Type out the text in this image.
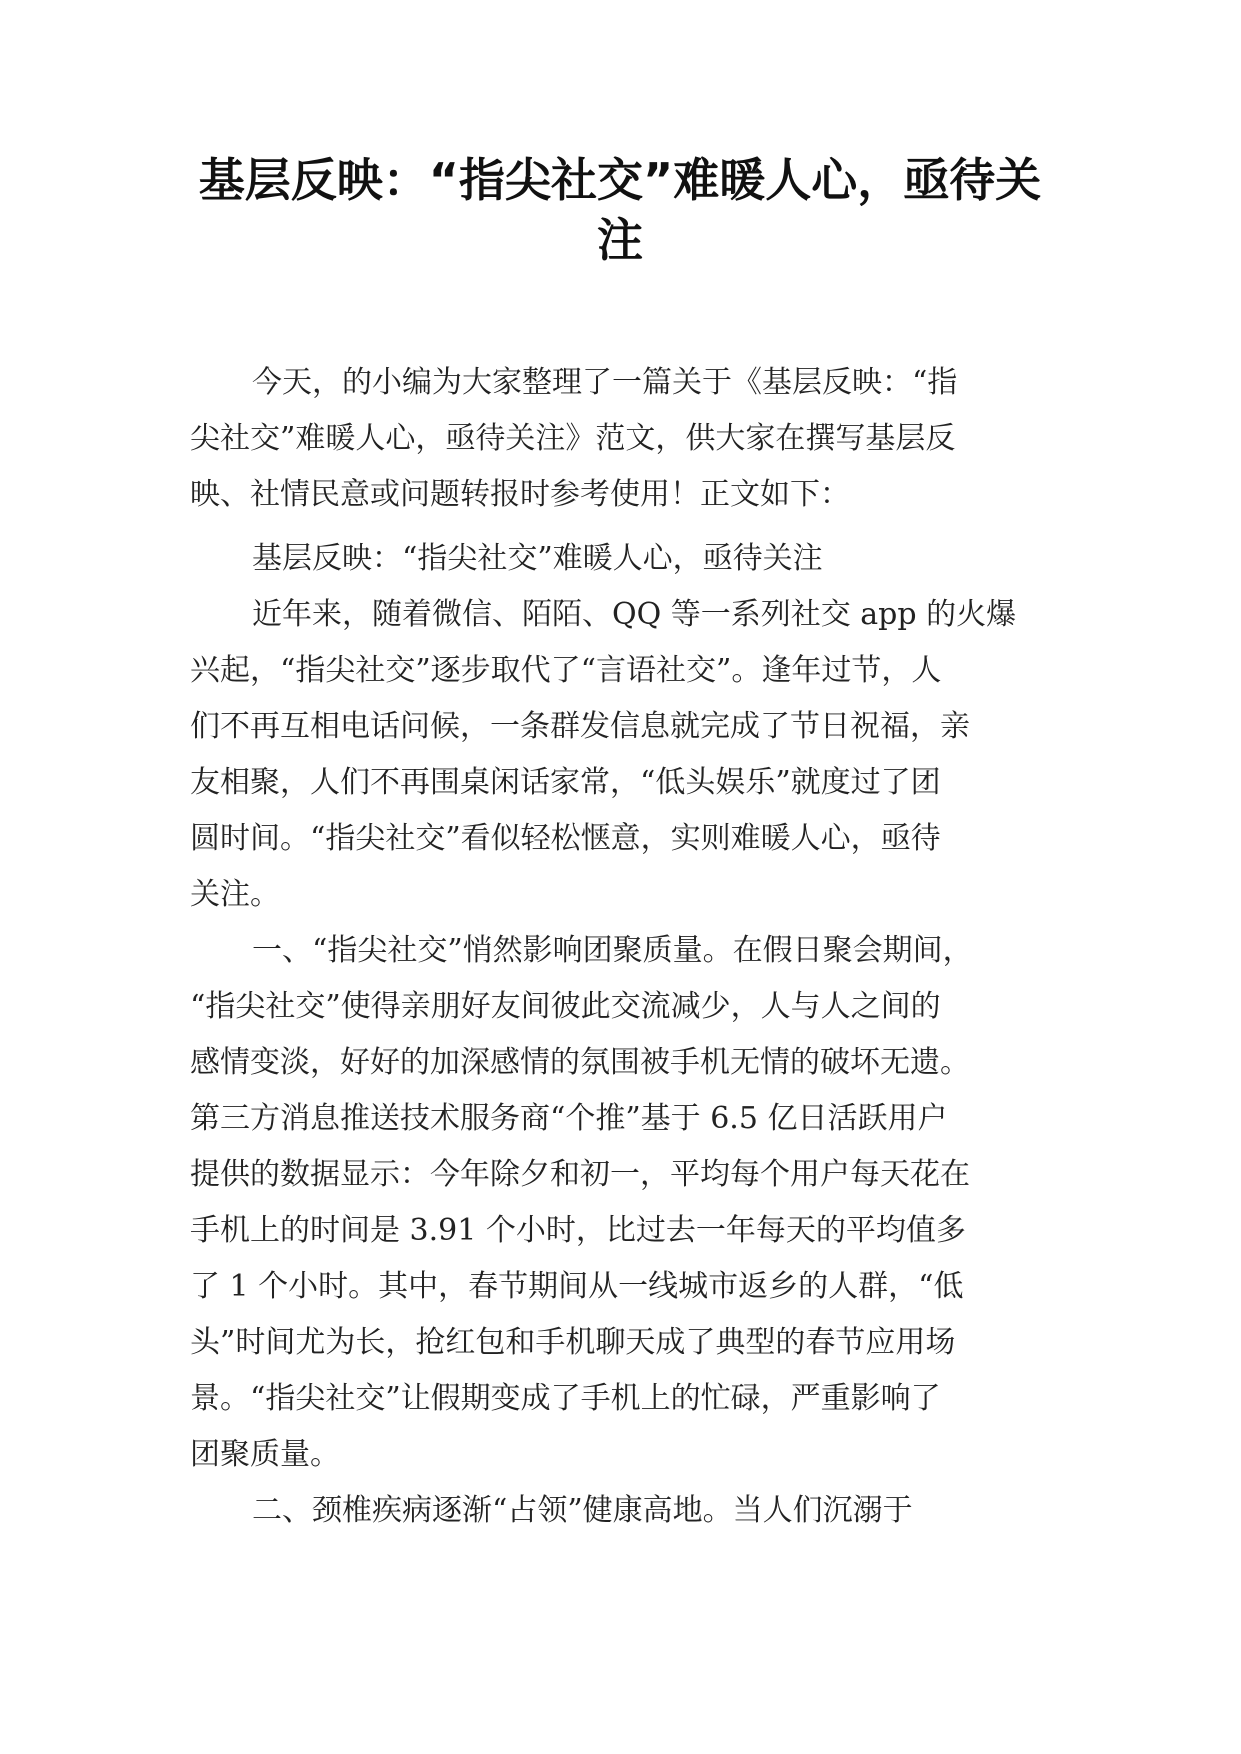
基层反映：“指尖社交”难暖人心，亟待关
注
今天，的小编为大家整理了一篇关于《基层反映：“指
尖社交”难暖人心，亟待关注》范文，供大家在撰写基层反
映、社情民意或问题转报时参考使用！正文如下：
基层反映：“指尖社交”难暖人心，亟待关注
近年来，随着微信、陌陌、QQ 等一系列社交 app 的火爆
兴起，“指尖社交”逐步取代了“言语社交”。逢年过节，人
们不再互相电话问候，一条群发信息就完成了节日祝福，亲
友相聚，人们不再围桌闲话家常，“低头娱乐”就度过了团
圆时间。“指尖社交”看似轻松惬意，实则难暖人心，亟待
关注。
一、“指尖社交”悄然影响团聚质量。在假日聚会期间，
“指尖社交”使得亲朋好友间彼此交流减少，人与人之间的
感情变淡，好好的加深感情的氛围被手机无情的破坏无遗。
第三方消息推送技术服务商“个推”基于 6.5 亿日活跃用户
提供的数据显示：今年除夕和初一，平均每个用户每天花在
手机上的时间是 3.91 个小时，比过去一年每天的平均值多
了 1 个小时。其中，春节期间从一线城市返乡的人群，“低
头”时间尤为长，抢红包和手机聊天成了典型的春节应用场
景。“指尖社交”让假期变成了手机上的忙碌，严重影响了
团聚质量。
二、颈椎疾病逐渐“占领”健康高地。当人们沉溺于
